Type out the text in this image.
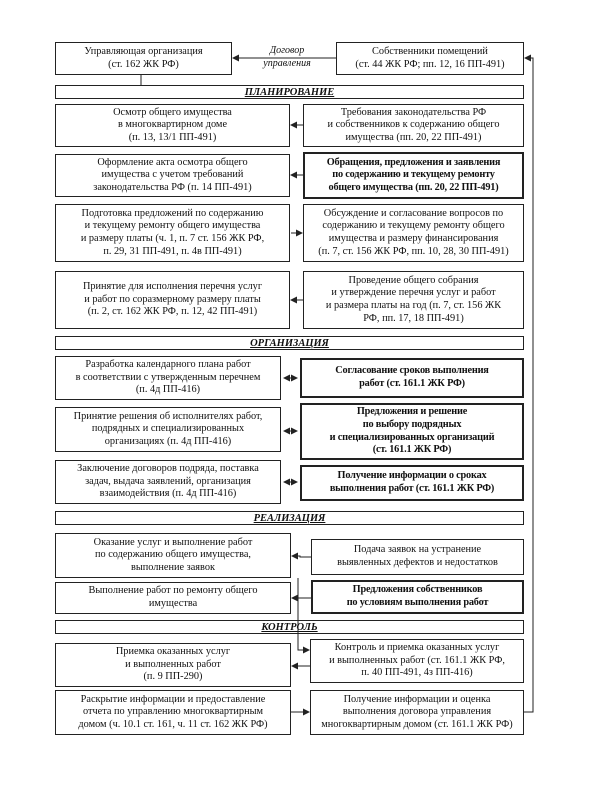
Управляющая организация
(ст. 162 ЖК РФ)
Договор
управления
Собственники помещений
(ст. 44 ЖК РФ; пп. 12, 16 ПП-491)
ПЛАНИРОВАНИЕ
Осмотр общего имущества
в многоквартирном доме
(п. 13, 13/1 ПП-491)
Требования законодательства РФ
и собственников к содержанию общего
имущества (пп. 20, 22 ПП-491)
Оформление акта осмотра общего
имущества с учетом требований
законодательства РФ (п. 14 ПП-491)
Обращения, предложения и заявления
по содержанию и текущему ремонту
общего имущества (пп. 20, 22 ПП-491)
Подготовка предложений по содержанию
и текущему ремонту общего имущества
и размеру платы (ч. 1, п. 7 ст. 156 ЖК РФ,
п. 29, 31 ПП-491, п. 4в ПП-491)
Обсуждение и согласование вопросов по
содержанию и текущему ремонту общего
имущества и размеру финансирования
(п. 7, ст. 156 ЖК РФ, пп. 10, 28, 30 ПП-491)
Принятие для исполнения перечня услуг
и работ по соразмерному размеру платы
(п. 2, ст. 162 ЖК РФ, п. 12, 42 ПП-491)
Проведение общего собрания
и утверждение перечня услуг и работ
и размера платы на год (п. 7, ст. 156 ЖК
РФ, пп. 17, 18 ПП-491)
ОРГАНИЗАЦИЯ
Разработка календарного плана работ
в соответствии с утвержденным перечнем
(п. 4д ПП-416)
Согласование сроков выполнения
работ (ст. 161.1 ЖК РФ)
Принятие решения об исполнителях работ,
подрядных и специализированных
организациях (п. 4д ПП-416)
Предложения и решение
по выбору подрядных
и специализированных организаций
(ст. 161.1 ЖК РФ)
Заключение договоров подряда, поставка
задач, выдача заявлений, организация
взаимодействия (п. 4д ПП-416)
Получение информации о сроках
выполнения работ (ст. 161.1 ЖК РФ)
РЕАЛИЗАЦИЯ
Оказание услуг и выполнение работ
по содержанию общего имущества,
выполнение заявок
Подача заявок на устранение
выявленных дефектов и недостатков
Выполнение работ по ремонту общего
имущества
Предложения собственников
по условиям выполнения работ
КОНТРОЛЬ
Приемка оказанных услуг
и выполненных работ
(п. 9 ПП-290)
Контроль и приемка оказанных услуг
и выполненных работ (ст. 161.1 ЖК РФ,
п. 40 ПП-491, 4з ПП-416)
Раскрытие информации и предоставление
отчета по управлению многоквартирным
домом (ч. 10.1 ст. 161, ч. 11 ст. 162 ЖК РФ)
Получение информации и оценка
выполнения договора управления
многоквартирным домом (ст. 161.1 ЖК РФ)
